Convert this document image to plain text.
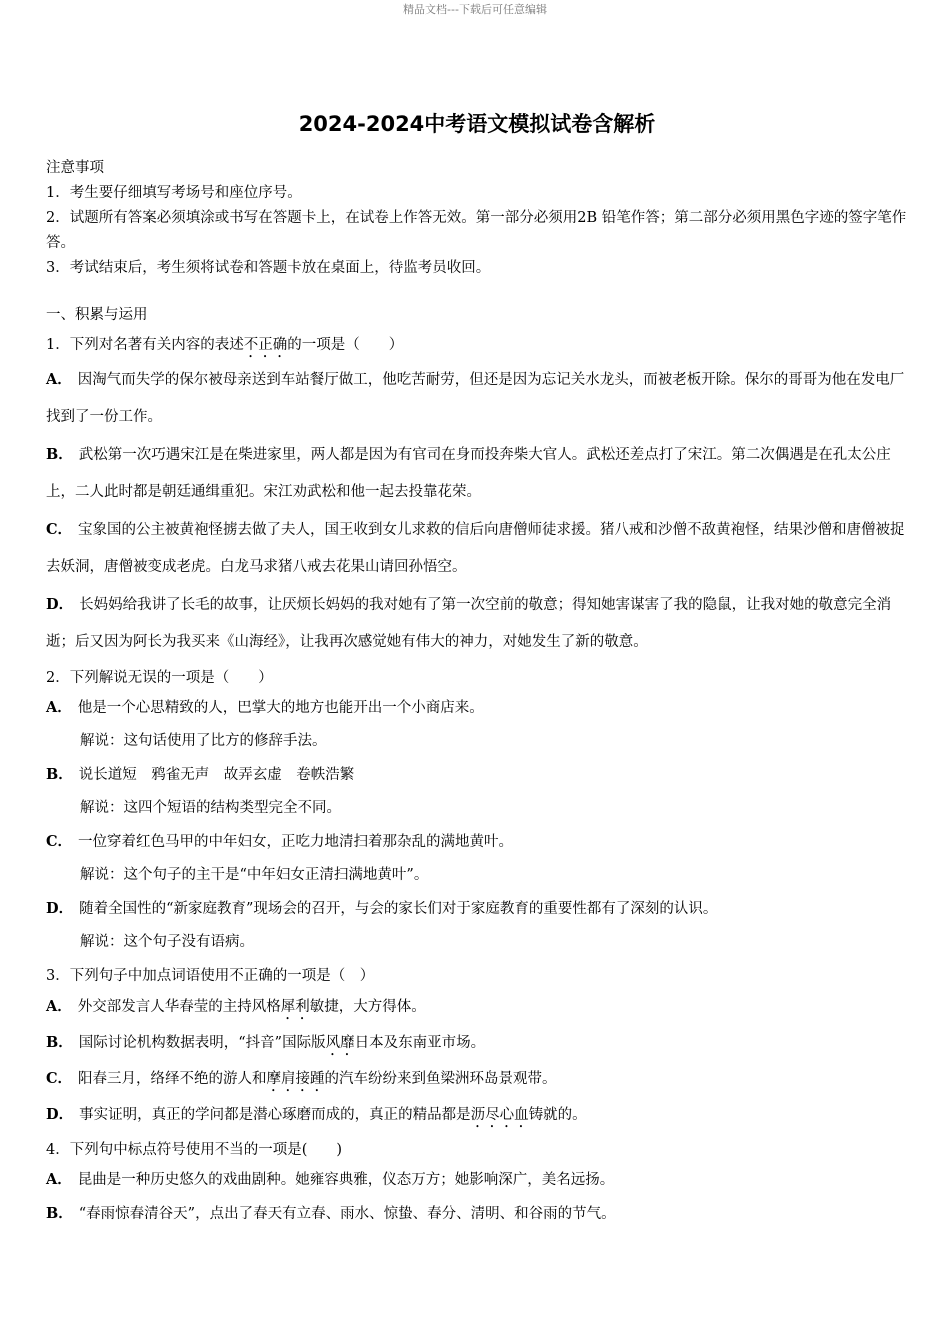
精品文档---下载后可任意编辑
2024-2024中考语文模拟试卷含解析
注意事项
1．考生要仔细填写考场号和座位序号。
2．试题所有答案必须填涂或书写在答题卡上，在试卷上作答无效。第一部分必须用2B 铅笔作答；第二部分必须用黑色字迹的签字笔作答。
3．考试结束后，考生须将试卷和答题卡放在桌面上，待监考员收回。
一、积累与运用
1．下列对名著有关内容的表述不正确的一项是（　　）
A． 因淘气而失学的保尔被母亲送到车站餐厅做工，他吃苦耐劳，但还是因为忘记关水龙头，而被老板开除。保尔的哥哥为他在发电厂找到了一份工作。
B． 武松第一次巧遇宋江是在柴进家里，两人都是因为有官司在身而投奔柴大官人。武松还差点打了宋江。第二次偶遇是在孔太公庄上，二人此时都是朝廷通缉重犯。宋江劝武松和他一起去投靠花荣。
C． 宝象国的公主被黄袍怪掳去做了夫人，国王收到女儿求救的信后向唐僧师徒求援。猪八戒和沙僧不敌黄袍怪，结果沙僧和唐僧被捉去妖洞，唐僧被变成老虎。白龙马求猪八戒去花果山请回孙悟空。
D． 长妈妈给我讲了长毛的故事，让厌烦长妈妈的我对她有了第一次空前的敬意；得知她害谋害了我的隐鼠，让我对她的敬意完全消逝；后又因为阿长为我买来《山海经》，让我再次感觉她有伟大的神力，对她发生了新的敬意。
2．下列解说无误的一项是（　　）
A． 他是一个心思精致的人，巴掌大的地方也能开出一个小商店来。
解说：这句话使用了比方的修辞手法。
B． 说长道短　鸦雀无声　故弄玄虚　卷帙浩繁
解说：这四个短语的结构类型完全不同。
C． 一位穿着红色马甲的中年妇女，正吃力地清扫着那杂乱的满地黄叶。
解说：这个句子的主干是“中年妇女正清扫满地黄叶”。
D． 随着全国性的“新家庭教育”现场会的召开，与会的家长们对于家庭教育的重要性都有了深刻的认识。
解说：这个句子没有语病。
3．下列句子中加点词语使用不正确的一项是（　）
A． 外交部发言人华春莹的主持风格犀利敏捷，大方得体。
B． 国际讨论机构数据表明，“抖音”国际版风靡日本及东南亚市场。
C． 阳春三月，络绎不绝的游人和摩肩接踵的汽车纷纷来到鱼梁洲环岛景观带。
D． 事实证明，真正的学问都是潜心琢磨而成的，真正的精品都是沥尽心血铸就的。
4．下列句中标点符号使用不当的一项是(　　)
A． 昆曲是一种历史悠久的戏曲剧种。她雍容典雅，仪态万方；她影响深广，美名远扬。
B． “春雨惊春清谷天”，点出了春天有立春、雨水、惊蛰、春分、清明、和谷雨的节气。
